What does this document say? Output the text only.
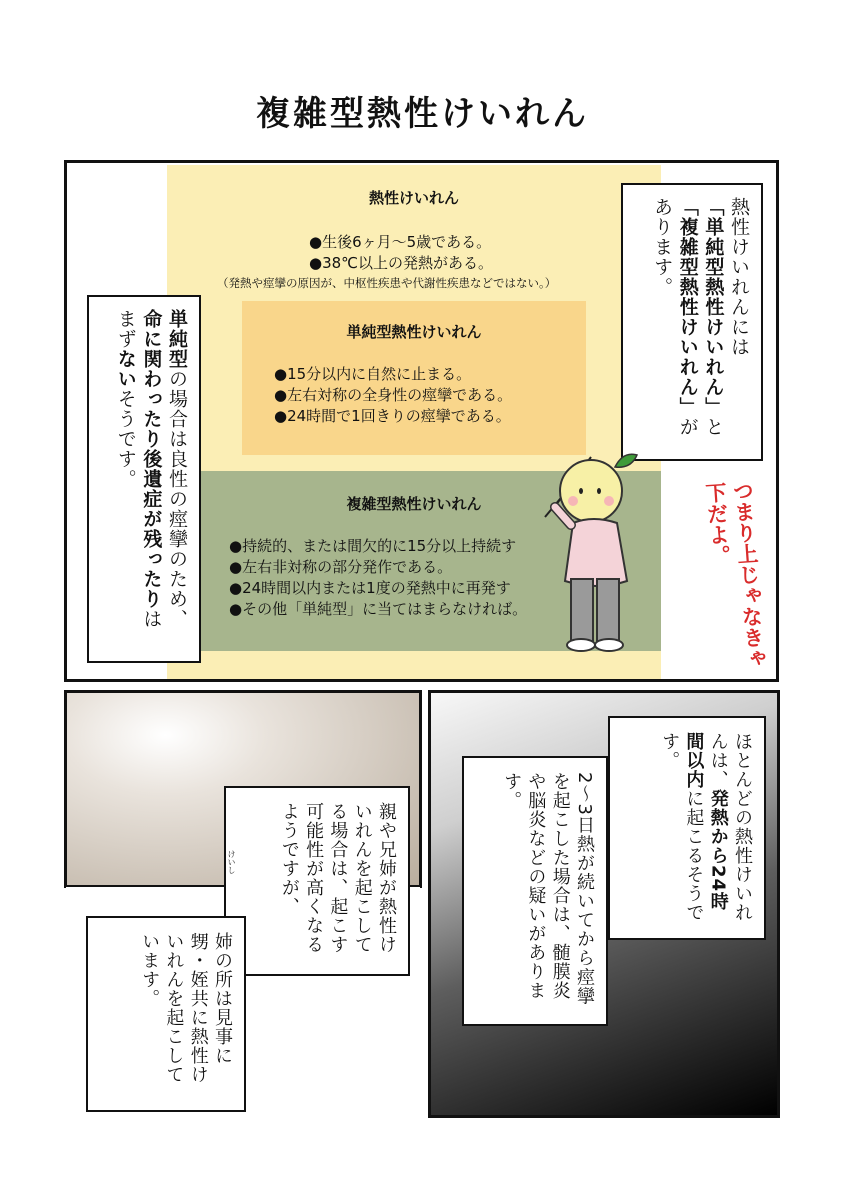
複雑型熱性けいれん
熱性けいれん
●生後6ヶ月～5歳である。
●38℃以上の発熱がある。
（発熱や痙攣の原因が、中枢性疾患や代謝性疾患などではない。）
単純型熱性けいれん
●15分以内に自然に止まる。
●左右対称の全身性の痙攣である。
●24時間で1回きりの痙攣である。
複雑型熱性けいれん
●持続的、または間欠的に15分以上持続す
●左右非対称の部分発作である。
●24時間以内または1度の発熱中に再発す
●その他「単純型」に当てはまらなければ。
熱性けいれんには
「単純型熱性けいれん」と
「複雑型熱性けいれん」が
あります。
単純型の場合は良性の痙攣のため、
命に関わったり後遺症が残ったりは
まずないそうです。
つまり上じゃなきゃ下だよ。
親や兄姉が熱性けいれんを起こしてる場合は、起こす可能性が高くなるようですが、
けいし
姉の所は見事に甥・姪共に熱性けいれんを起こしています。
ほとんどの熱性けいれんは、発熱から24時間以内に起こるそうです。
2～3日熱が続いてから痙攣を起こした場合は、髄膜炎や脳炎などの疑いがあります。
